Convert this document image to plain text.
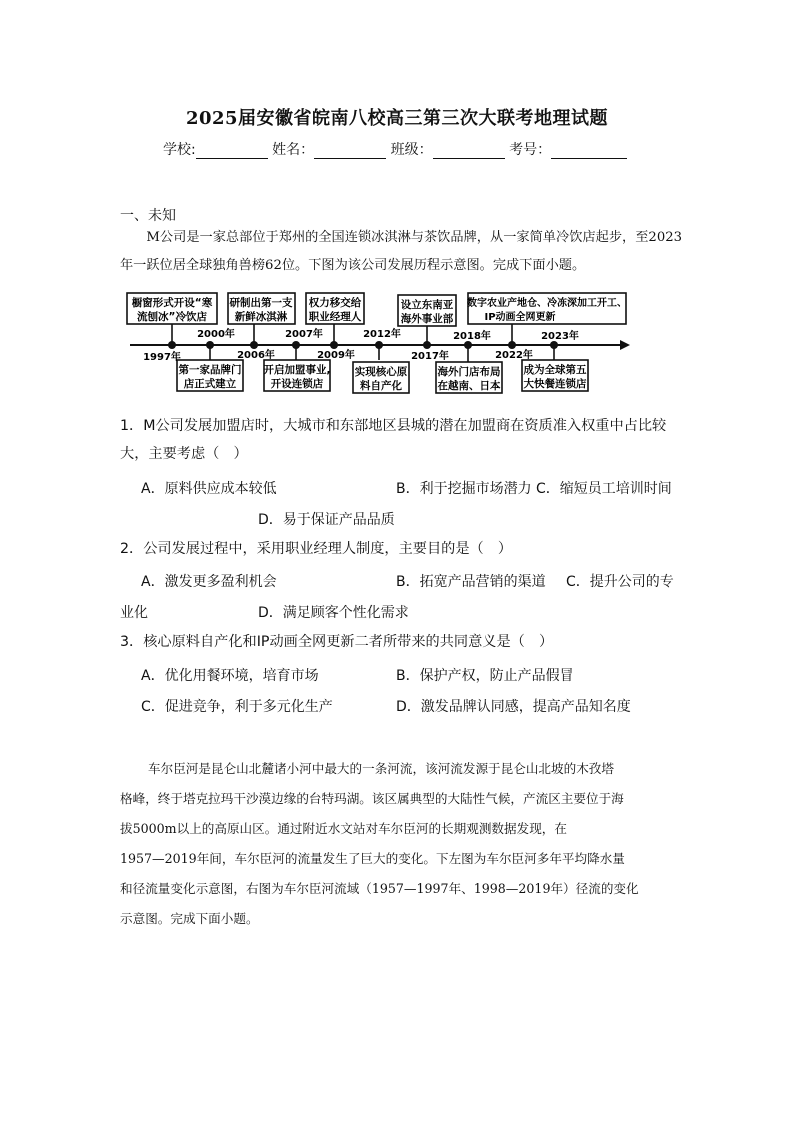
2025届安徽省皖南八校高三第三次大联考地理试题
学校:	姓名：	班级：	考号：
一、未知
M公司是一家总部位于郑州的全国连锁冰淇淋与茶饮品牌，从一家简单冷饮店起步，至2023年一跃位居全球独角兽榜62位。下图为该公司发展历程示意图。完成下面小题。
橱窗形式开设“寒
流刨冰”冷饮店
研制出第一支
新鲜冰淇淋
权力移交给
职业经理人
设立东南亚
海外事业部
数字农业产地仓、冷冻深加工开工、
IP动画全网更新
第一家品牌门
店正式建立
开启加盟事业,
开设连锁店
实现核心原
料自产化
海外门店布局
在越南、日本
成为全球第五
大快餐连锁店
1997年
2000年
2006年
2007年
2009年
2012年
2017年
2018年
2022年
2023年
1．M公司发展加盟店时，大城市和东部地区县城的潜在加盟商在资质准入权重中占比较大，主要考虑（　）
A．原料供应成本较低	B．利于挖掘市场潜力 C．缩短员工培训时间
D．易于保证产品品质
2．公司发展过程中，采用职业经理人制度，主要目的是（　）
A．激发更多盈利机会	B．拓宽产品营销的渠道 C．提升公司的专
业化	D．满足顾客个性化需求
3．核心原料自产化和IP动画全网更新二者所带来的共同意义是（　）
A．优化用餐环境，培育市场	B．保护产权，防止产品假冒
C．促进竞争，利于多元化生产	D．激发品牌认同感，提高产品知名度
车尔臣河是昆仑山北麓诸小河中最大的一条河流，该河流发源于昆仑山北坡的木孜塔
格峰，终于塔克拉玛干沙漠边缘的台特玛湖。该区属典型的大陆性气候，产流区主要位于海
拔5000m以上的高原山区。通过附近水文站对车尔臣河的长期观测数据发现，在
1957—2019年间，车尔臣河的流量发生了巨大的变化。下左图为车尔臣河多年平均降水量
和径流量变化示意图，右图为车尔臣河流域（1957—1997年、1998—2019年）径流的变化
示意图。完成下面小题。
